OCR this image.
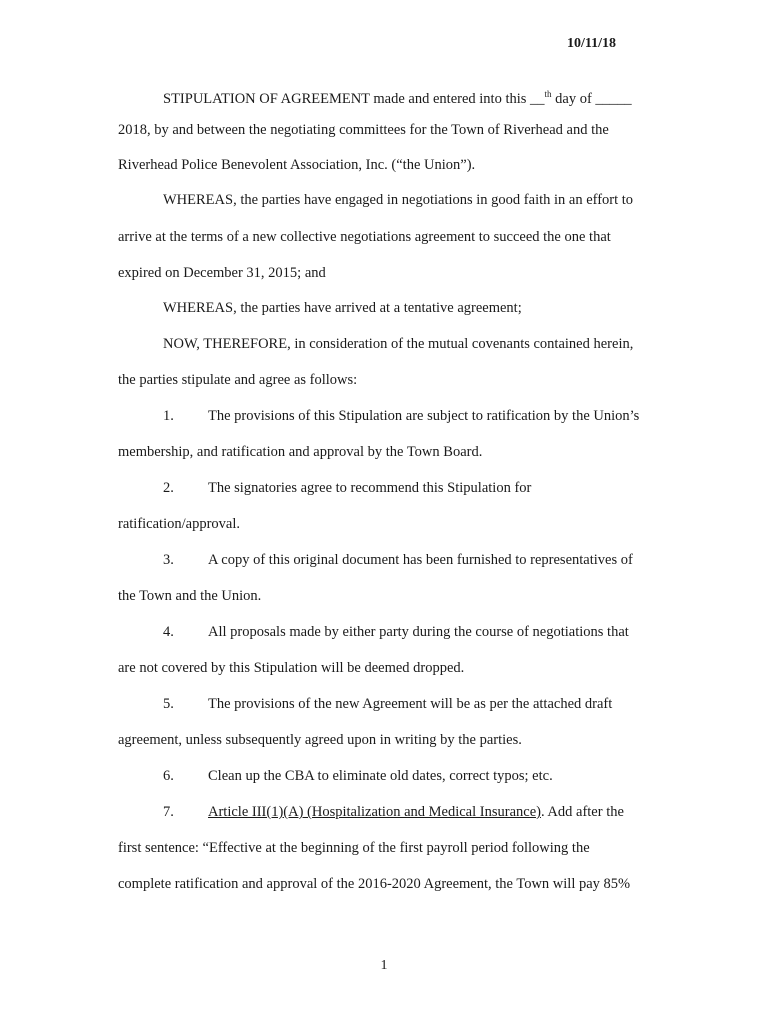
10/11/18
STIPULATION OF AGREEMENT made and entered into this __$^{th}$ day of _____
2018, by and between the negotiating committees for the Town of Riverhead and the
Riverhead Police Benevolent Association, Inc. (“the Union”).
WHEREAS, the parties have engaged in negotiations in good faith in an effort to
arrive at the terms of a new collective negotiations agreement to succeed the one that
expired on December 31, 2015; and
WHEREAS, the parties have arrived at a tentative agreement;
NOW, THEREFORE, in consideration of the mutual covenants contained herein,
the parties stipulate and agree as follows:
1. The provisions of this Stipulation are subject to ratification by the Union’s
membership, and ratification and approval by the Town Board.
2. The signatories agree to recommend this Stipulation for
ratification/approval.
3. A copy of this original document has been furnished to representatives of
the Town and the Union.
4. All proposals made by either party during the course of negotiations that
are not covered by this Stipulation will be deemed dropped.
5. The provisions of the new Agreement will be as per the attached draft
agreement, unless subsequently agreed upon in writing by the parties.
6. Clean up the CBA to eliminate old dates, correct typos; etc.
7. Article III(1)(A) (Hospitalization and Medical Insurance). Add after the
first sentence: “Effective at the beginning of the first payroll period following the
complete ratification and approval of the 2016-2020 Agreement, the Town will pay 85%
1
